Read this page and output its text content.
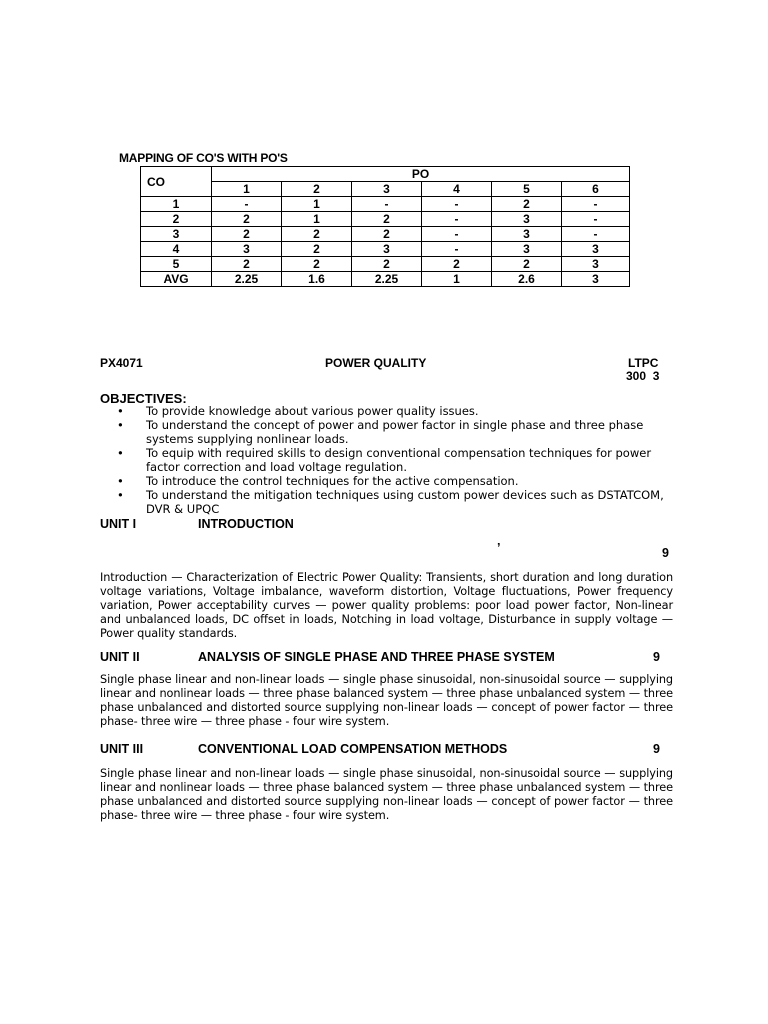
MAPPING OF CO'S WITH PO'S
CO	PO					
	1	2	3	4	5	6
1	-	1	-	-	2	-
2	2	1	2	-	3	-
3	2	2	2	-	3	-
4	3	2	3	-	3	3
5	2	2	2	2	2	3
AVG	2.25	1.6	2.25	1	2.6	3
PX4071	POWER QUALITY	LTPC
300  3
OBJECTIVES:
• To provide knowledge about various power quality issues.
• To understand the concept of power and power factor in single phase and three phase systems supplying nonlinear loads.
• To equip with required skills to design conventional compensation techniques for power factor correction and load voltage regulation.
• To introduce the control techniques for the active compensation.
• To understand the mitigation techniques using custom power devices such as DSTATCOM, DVR & UPQC
UNIT I	INTRODUCTION
’	9
Introduction — Characterization of Electric Power Quality: Transients, short duration and long duration voltage variations, Voltage imbalance, waveform distortion, Voltage fluctuations, Power frequency variation, Power acceptability curves — power quality problems: poor load power factor, Non-linear and unbalanced loads, DC offset in loads, Notching in load voltage, Disturbance in supply voltage — Power quality standards.
UNIT II	ANALYSIS OF SINGLE PHASE AND THREE PHASE SYSTEM	9
Single phase linear and non-linear loads — single phase sinusoidal, non-sinusoidal source — supplying linear and nonlinear loads — three phase balanced system — three phase unbalanced system — three phase unbalanced and distorted source supplying non-linear loads — concept of power factor — three phase- three wire — three phase - four wire system.
UNIT III	CONVENTIONAL LOAD COMPENSATION METHODS	9
Single phase linear and non-linear loads — single phase sinusoidal, non-sinusoidal source — supplying linear and nonlinear loads — three phase balanced system — three phase unbalanced system — three phase unbalanced and distorted source supplying non-linear loads — concept of power factor — three phase- three wire — three phase - four wire system.
